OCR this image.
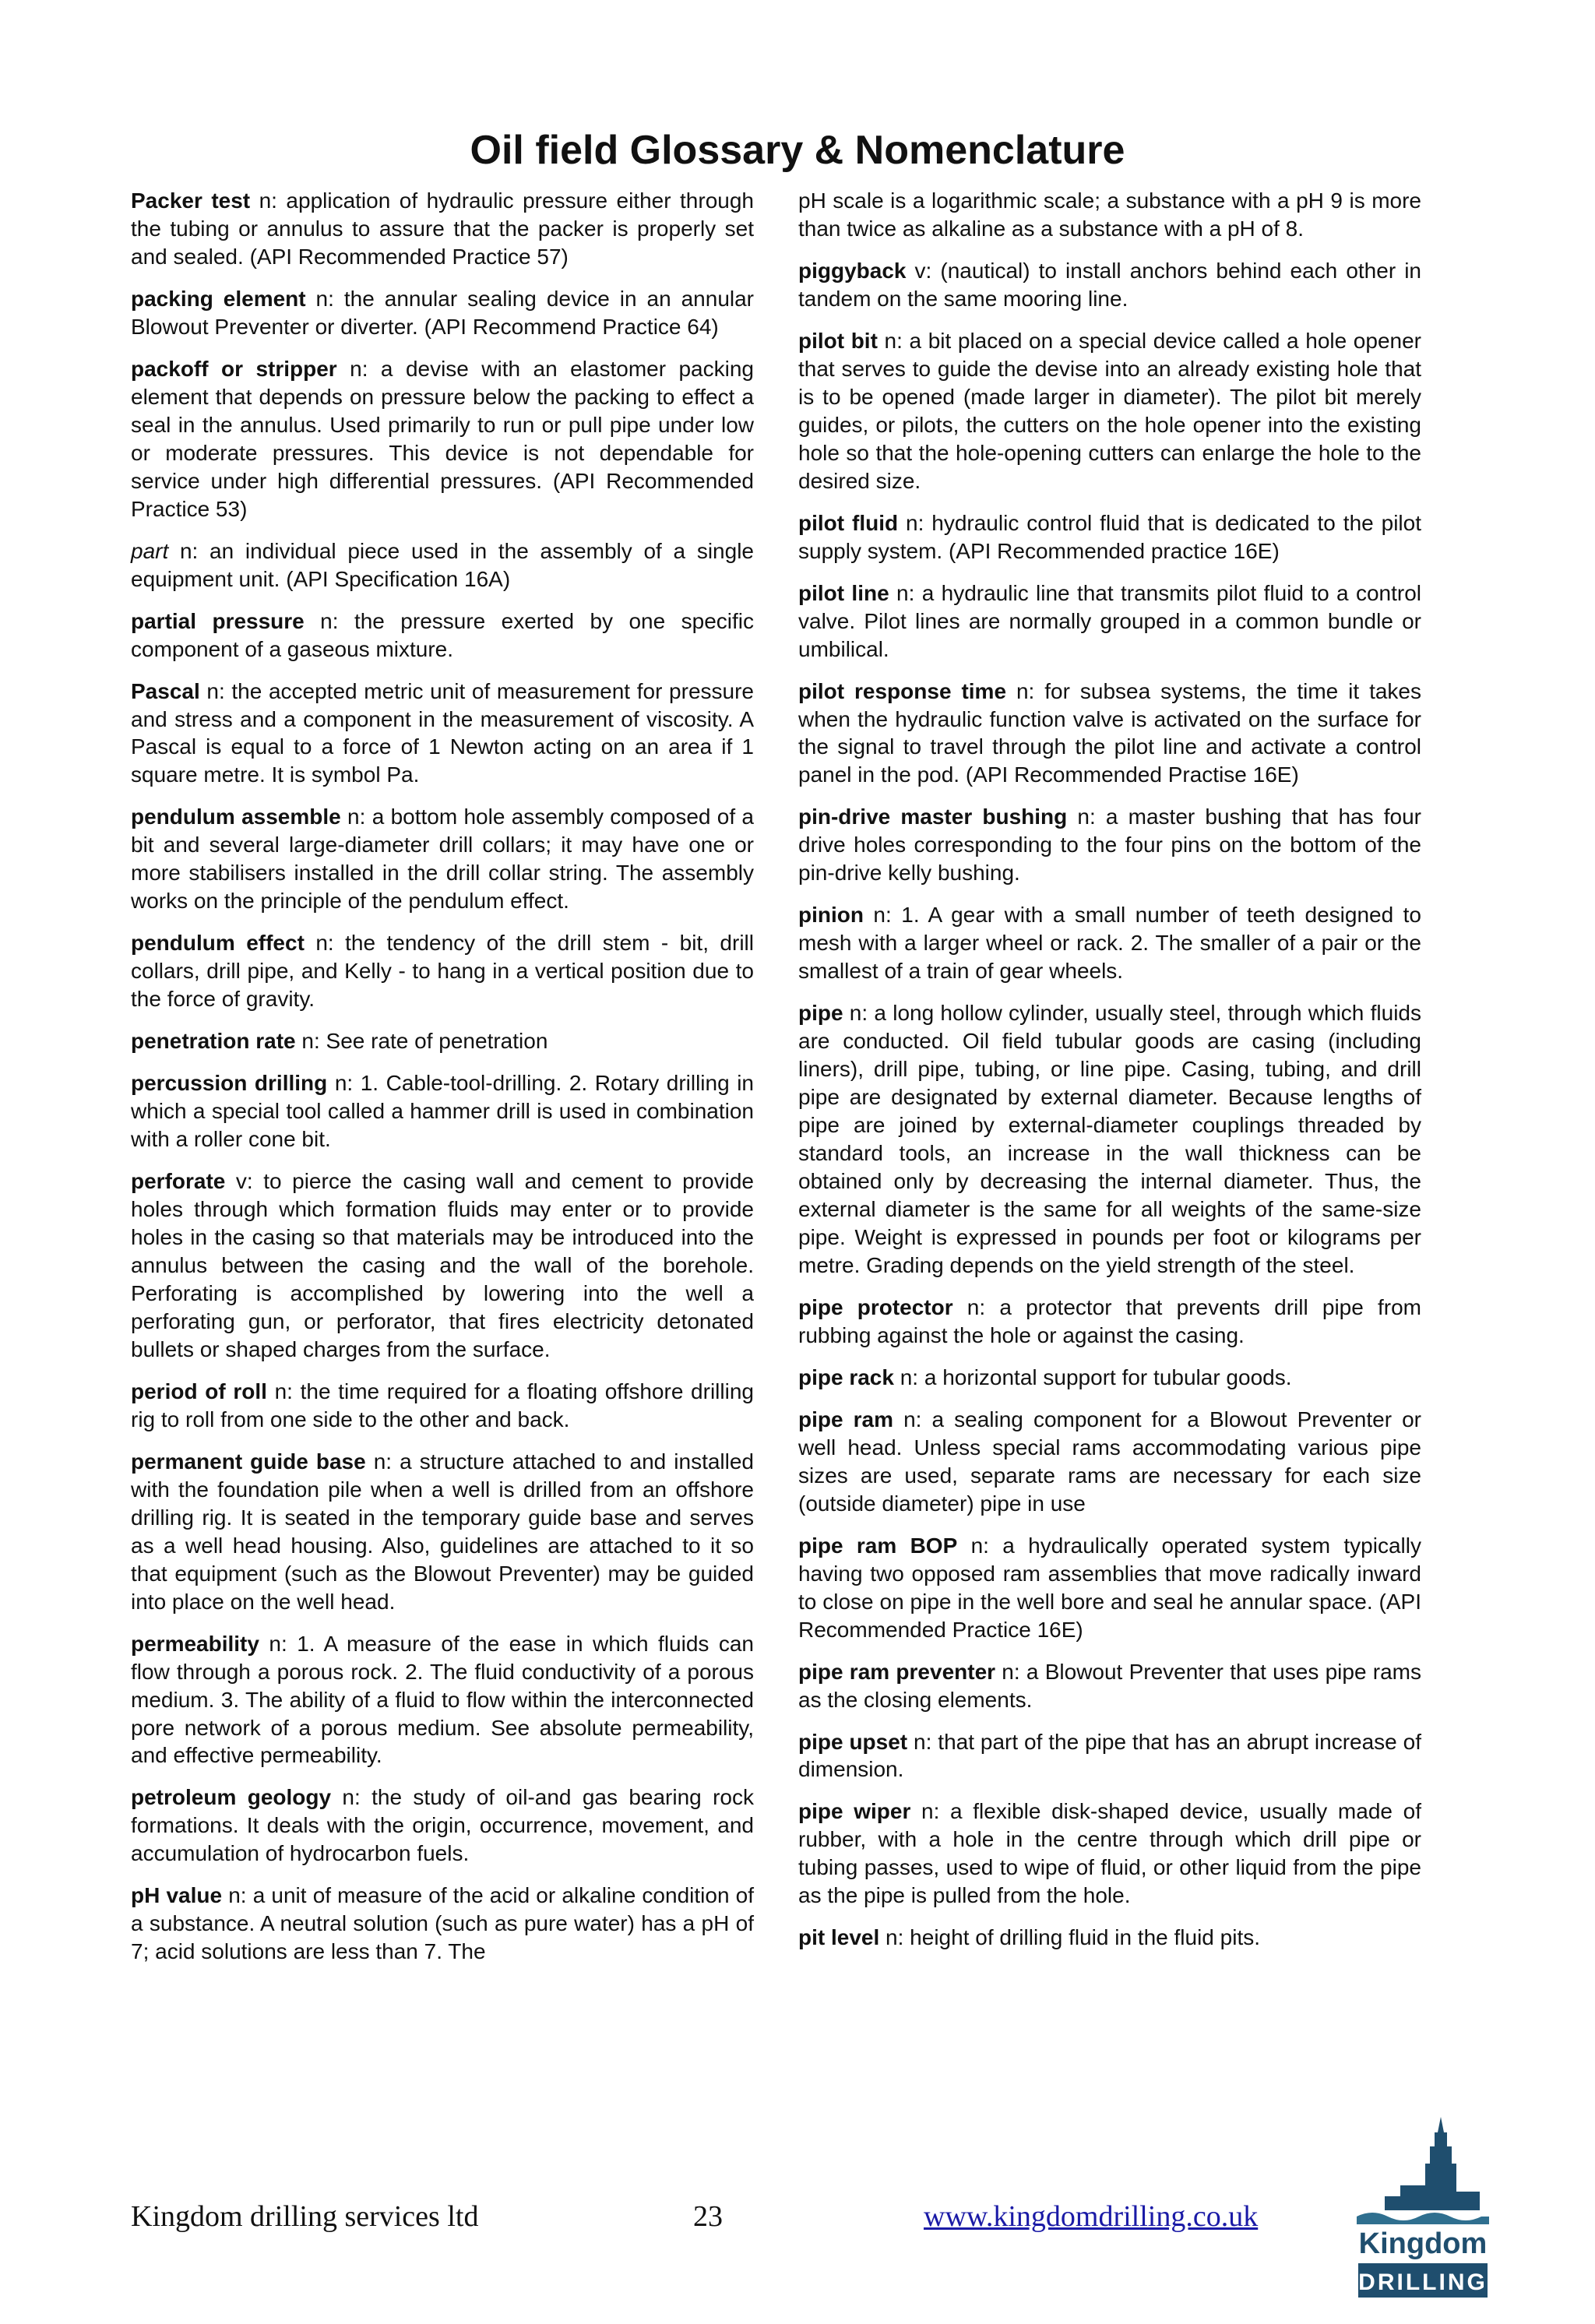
Oil field Glossary & Nomenclature

Packer test n: application of hydraulic pressure either through the tubing or annulus to assure that the packer is properly set and sealed. (API Recommended Practice 57)

packing element n: the annular sealing device in an annular Blowout Preventer or diverter. (API Recommend Practice 64)

packoff or stripper n: a devise with an elastomer packing element that depends on pressure below the packing to effect a seal in the annulus. Used primarily to run or pull pipe under low or moderate pressures. This device is not dependable for service under high differential pressures. (API Recommended Practice 53)

part n: an individual piece used in the assembly of a single equipment unit. (API Specification 16A)

partial pressure n: the pressure exerted by one specific component of a gaseous mixture.

Pascal n: the accepted metric unit of measurement for pressure and stress and a component in the measurement of viscosity. A Pascal is equal to a force of 1 Newton acting on an area if 1 square metre. It is symbol Pa.

pendulum assemble n: a bottom hole assembly composed of a bit and several large-diameter drill collars; it may have one or more stabilisers installed in the drill collar string. The assembly works on the principle of the pendulum effect.

pendulum effect n: the tendency of the drill stem - bit, drill collars, drill pipe, and Kelly - to hang in a vertical position due to the force of gravity.

penetration rate n: See rate of penetration

percussion drilling n: 1. Cable-tool-drilling. 2. Rotary drilling in which a special tool called a hammer drill is used in combination with a roller cone bit.

perforate v: to pierce the casing wall and cement to provide holes through which formation fluids may enter or to provide holes in the casing so that materials may be introduced into the annulus between the casing and the wall of the borehole. Perforating is accomplished by lowering into the well a perforating gun, or perforator, that fires electricity detonated bullets or shaped charges from the surface.

period of roll n: the time required for a floating offshore drilling rig to roll from one side to the other and back.

permanent guide base n: a structure attached to and installed with the foundation pile when a well is drilled from an offshore drilling rig. It is seated in the temporary guide base and serves as a well head housing. Also, guidelines are attached to it so that equipment (such as the Blowout Preventer) may be guided into place on the well head.

permeability n: 1. A measure of the ease in which fluids can flow through a porous rock. 2. The fluid conductivity of a porous medium. 3. The ability of a fluid to flow within the interconnected pore network of a porous medium. See absolute permeability, and effective permeability.

petroleum geology n: the study of oil-and gas bearing rock formations. It deals with the origin, occurrence, movement, and accumulation of hydrocarbon fuels.

pH value n: a unit of measure of the acid or alkaline condition of a substance. A neutral solution (such as pure water) has a pH of 7; acid solutions are less than 7. The

pH scale is a logarithmic scale; a substance with a pH 9 is more than twice as alkaline as a substance with a pH of 8.

piggyback v: (nautical) to install anchors behind each other in tandem on the same mooring line.

pilot bit n: a bit placed on a special device called a hole opener that serves to guide the devise into an already existing hole that is to be opened (made larger in diameter). The pilot bit merely guides, or pilots, the cutters on the hole opener into the existing hole so that the hole-opening cutters can enlarge the hole to the desired size.

pilot fluid n: hydraulic control fluid that is dedicated to the pilot supply system. (API Recommended practice 16E)

pilot line n: a hydraulic line that transmits pilot fluid to a control valve. Pilot lines are normally grouped in a common bundle or umbilical.

pilot response time n: for subsea systems, the time it takes when the hydraulic function valve is activated on the surface for the signal to travel through the pilot line and activate a control panel in the pod. (API Recommended Practise 16E)

pin-drive master bushing n: a master bushing that has four drive holes corresponding to the four pins on the bottom of the pin-drive kelly bushing.

pinion n: 1. A gear with a small number of teeth designed to mesh with a larger wheel or rack. 2. The smaller of a pair or the smallest of a train of gear wheels.

pipe n: a long hollow cylinder, usually steel, through which fluids are conducted. Oil field tubular goods are casing (including liners), drill pipe, tubing, or line pipe. Casing, tubing, and drill pipe are designated by external diameter. Because lengths of pipe are joined by external-diameter couplings threaded by standard tools, an increase in the wall thickness can be obtained only by decreasing the internal diameter. Thus, the external diameter is the same for all weights of the same-size pipe. Weight is expressed in pounds per foot or kilograms per metre. Grading depends on the yield strength of the steel.

pipe protector n: a protector that prevents drill pipe from rubbing against the hole or against the casing.

pipe rack n: a horizontal support for tubular goods.

pipe ram n: a sealing component for a Blowout Preventer or well head. Unless special rams accommodating various pipe sizes are used, separate rams are necessary for each size (outside diameter) pipe in use

pipe ram BOP n: a hydraulically operated system typically having two opposed ram assemblies that move radically inward to close on pipe in the well bore and seal he annular space. (API Recommended Practice 16E)

pipe ram preventer n: a Blowout Preventer that uses pipe rams as the closing elements.

pipe upset n: that part of the pipe that has an abrupt increase of dimension.

pipe wiper n: a flexible disk-shaped device, usually made of rubber, with a hole in the centre through which drill pipe or tubing passes, used to wipe of fluid, or other liquid from the pipe as the pipe is pulled from the hole.

pit level n: height of drilling fluid in the fluid pits.

Kingdom drilling services ltd	23	www.kingdomdrilling.co.uk
Kingdom
DRILLING
